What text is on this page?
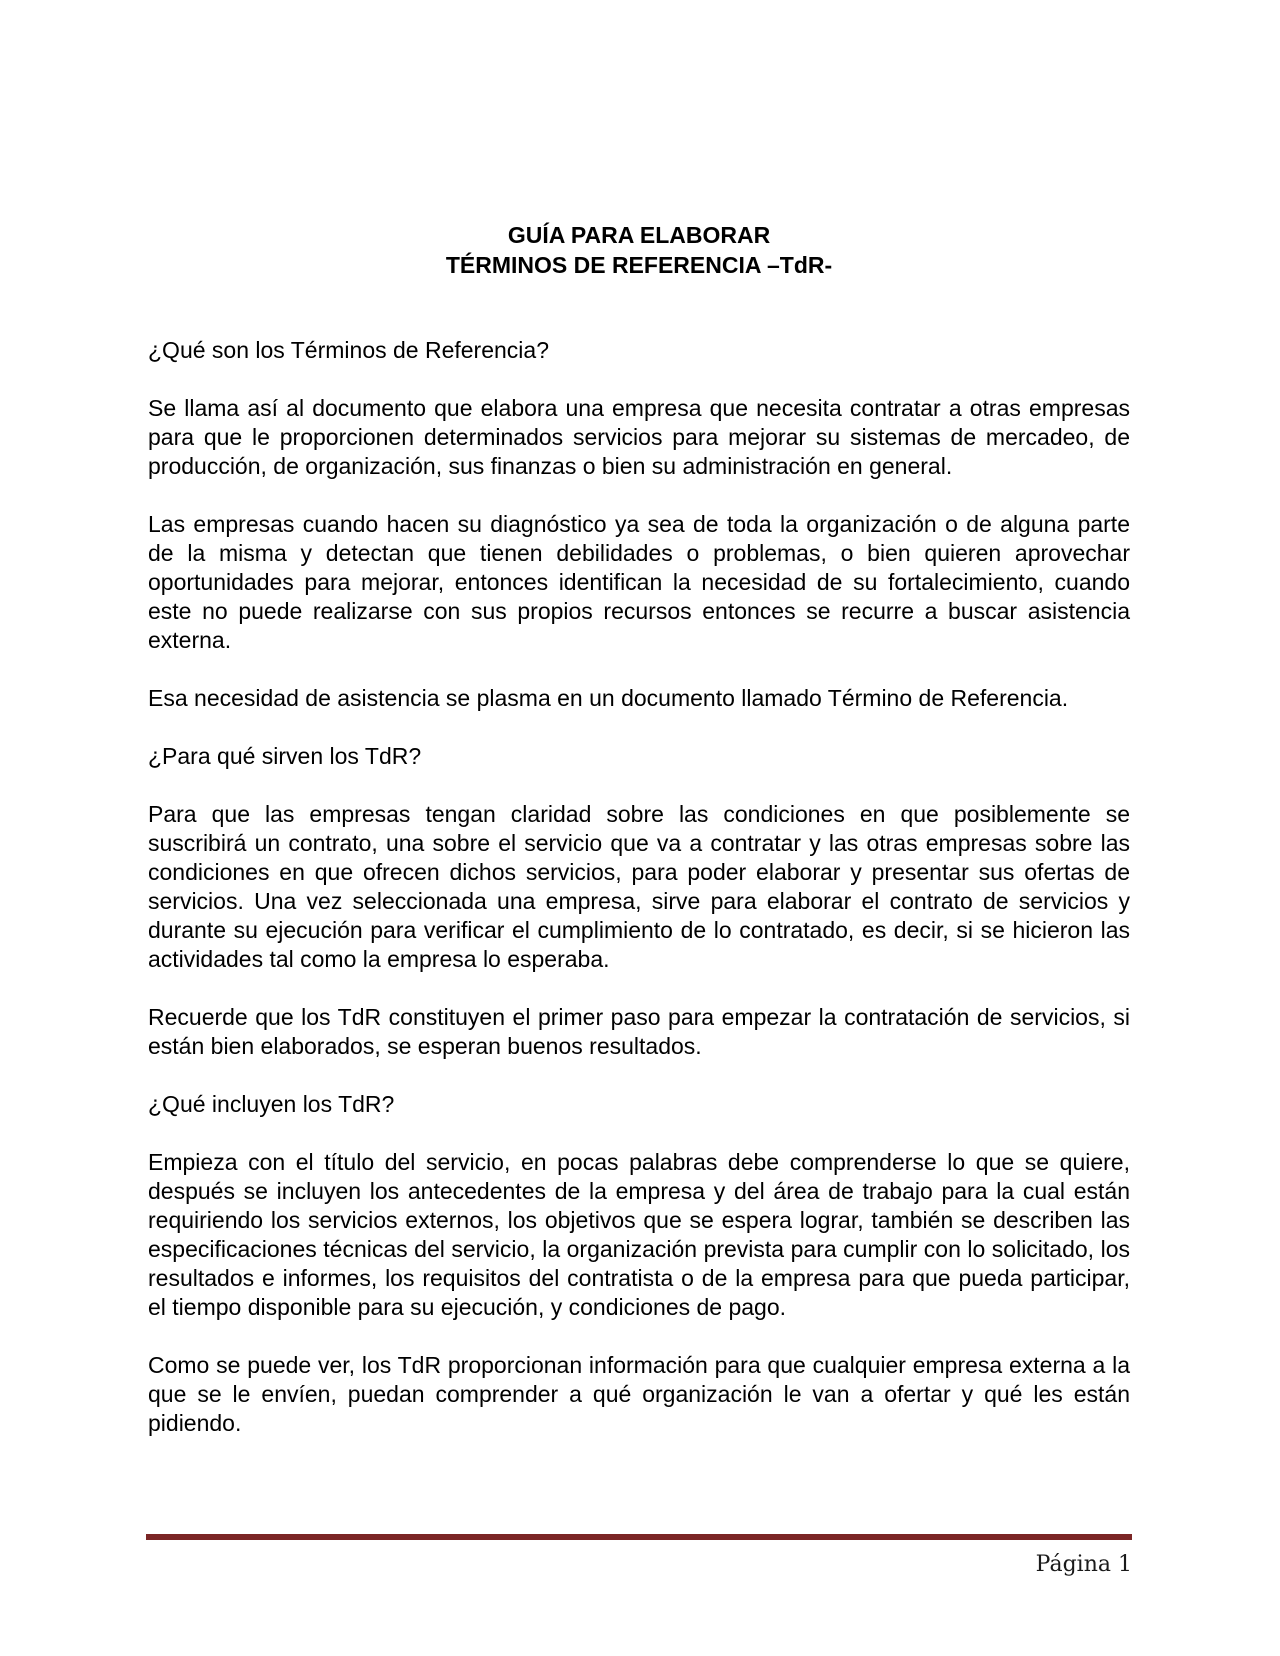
GUÍA PARA ELABORAR
TÉRMINOS DE REFERENCIA –TdR-

¿Qué son los Términos de Referencia?

Se llama así al documento que elabora una empresa que necesita contratar a otras empresas para que le proporcionen determinados servicios para mejorar su sistemas de mercadeo, de producción, de organización, sus finanzas o bien su administración en general.

Las empresas cuando hacen su diagnóstico ya sea de toda la organización o de alguna parte de la misma y detectan que tienen debilidades o problemas, o bien quieren aprovechar oportunidades para mejorar, entonces identifican la necesidad de su fortalecimiento, cuando este no puede realizarse con sus propios recursos entonces se recurre a buscar asistencia externa.

Esa necesidad de asistencia se plasma en un documento llamado Término de Referencia.

¿Para qué sirven los TdR?

Para que las empresas tengan claridad sobre las condiciones en que posiblemente se suscribirá un contrato, una sobre el servicio que va a contratar y las otras empresas sobre las condiciones en que ofrecen dichos servicios, para poder elaborar y presentar sus ofertas de servicios. Una vez seleccionada una empresa, sirve para elaborar el contrato de servicios y durante su ejecución para verificar el cumplimiento de lo contratado, es decir, si se hicieron las actividades tal como la empresa lo esperaba.

Recuerde que los TdR constituyen el primer paso para empezar la contratación de servicios, si están bien elaborados, se esperan buenos resultados.

¿Qué incluyen los TdR?

Empieza con el título del servicio, en pocas palabras debe comprenderse lo que se quiere, después se incluyen los antecedentes de la empresa y del área de trabajo para la cual están requiriendo los servicios externos, los objetivos que se espera lograr, también se describen las especificaciones técnicas del servicio, la organización prevista para cumplir con lo solicitado, los resultados e informes, los requisitos del contratista o de la empresa para que pueda participar, el tiempo disponible para su ejecución, y condiciones de pago.

Como se puede ver, los TdR proporcionan información para que cualquier empresa externa a la que se le envíen, puedan comprender a qué organización le van a ofertar y qué les están pidiendo.

Página 1
